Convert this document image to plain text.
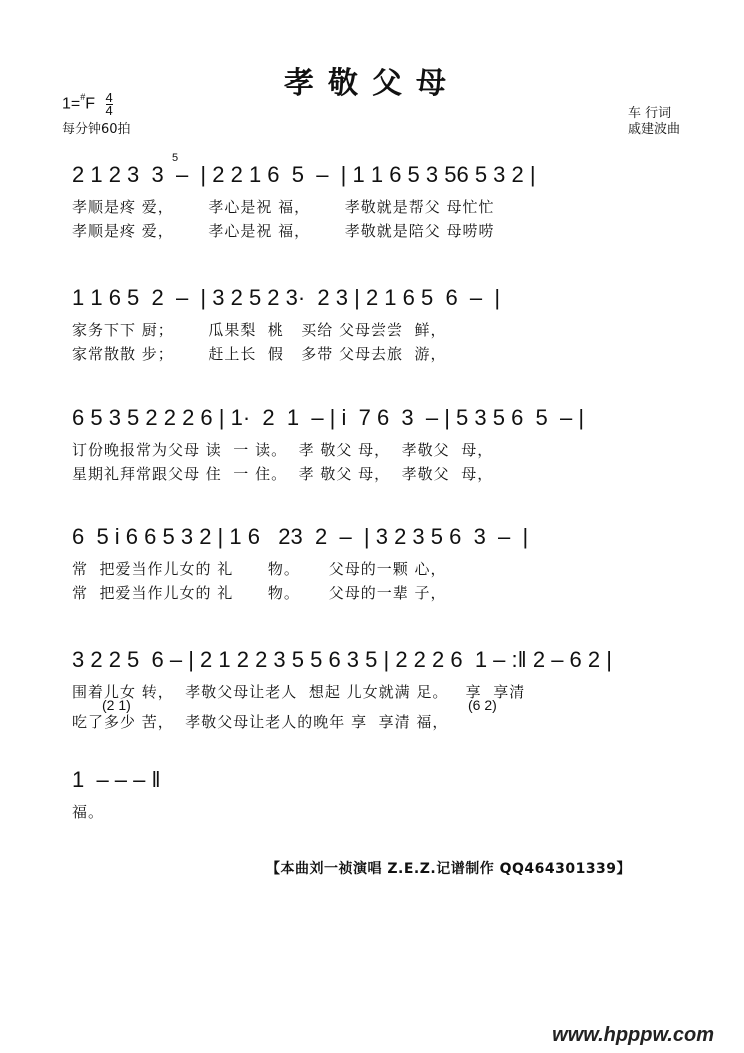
孝敬父母
$1=^{\#}F \frac{4}{4}$
每分钟60拍
车 行词
戚建波曲
5
2 1 2 3  3  –  | 2 2 1 6  5  –  | 1 1 6 5 3 56 5 3 2 |
孝顺是疼 爱，      孝心是祝 福，      孝敬就是帮父 母忙忙
孝顺是疼 爱，      孝心是祝 福，      孝敬就是陪父 母唠唠
1 1 6 5  2  –  | 3 2 5 2 3·  2 3 | 2 1 6 5  6  –  |
家务下下 厨；      瓜果梨  桃   买给 父母尝尝  鲜，
家常散散 步；      赶上长  假   多带 父母去旅  游，
6 5 3 5 2 2 2 6 | 1·  2  1  – | i  7 6  3  – | 5 3 5 6  5  – |
订份晚报常为父母 读  一 读。  孝 敬父 母，  孝敬父  母，
星期礼拜常跟父母 住  一 住。  孝 敬父 母，  孝敬父  母，
6  5 i 6 6 5 3 2 | 1 6   23  2  –  | 3 2 3 5 6  3  –  |
常  把爱当作儿女的 礼      物。     父母的一颗 心，
常  把爱当作儿女的 礼      物。     父母的一辈 子，
3 2 2 5  6 – | 2 1 2 2 3 5 5 6 3 5 | 2 2 2 6  1 – :‖ 2 – 6 2 |
围着儿女 转，  孝敬父母让老人  想起 儿女就满 足。   享  享清
(2 1)	(6 2)
吃了多少 苦，  孝敬父母让老人的晚年 享  享清 福，
1  – – – ‖
福。
【本曲刘一祯演唱 Z.E.Z.记谱制作 QQ464301339】
www.hpppw.com
